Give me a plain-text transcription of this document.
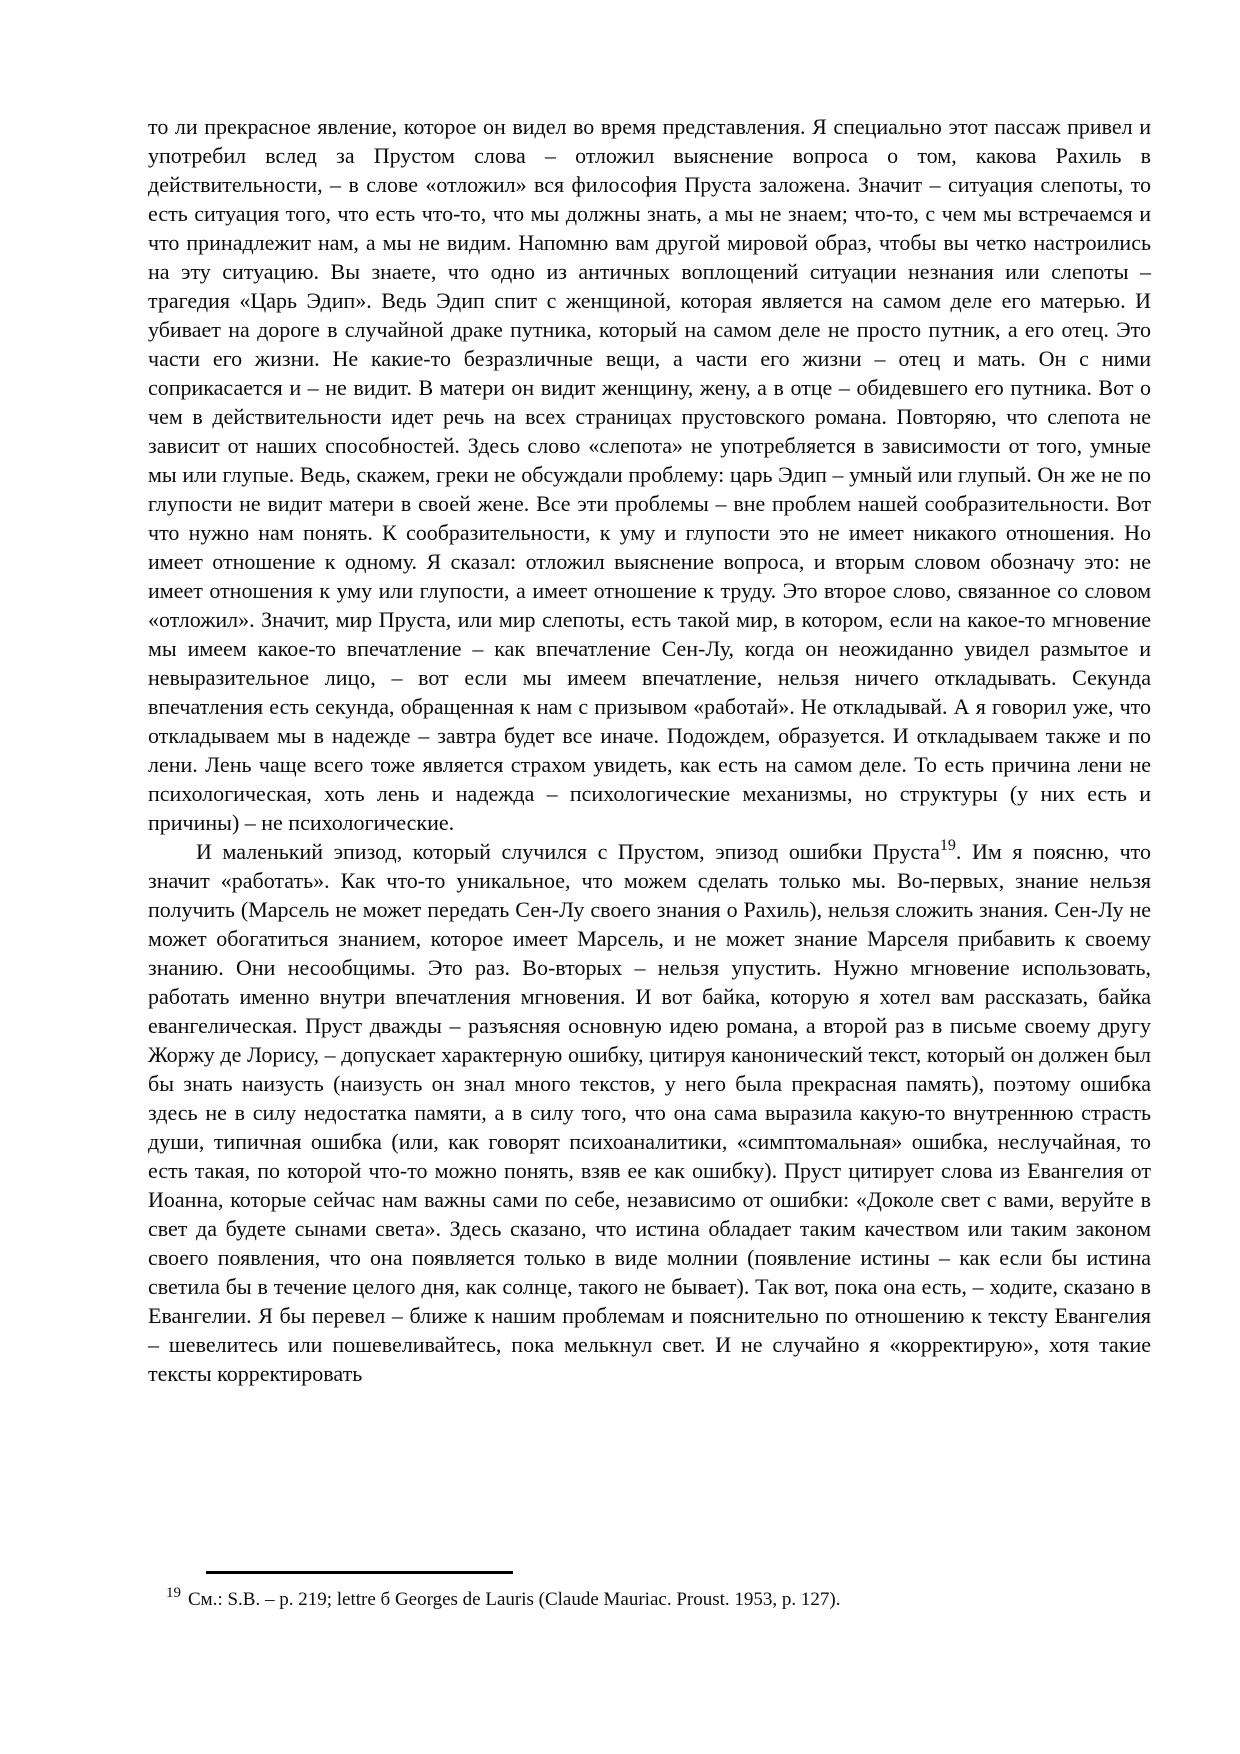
то ли прекрасное явление, которое он видел во время представления. Я специально этот пассаж привел и употребил вслед за Прустом слова – отложил выяснение вопроса о том, какова Рахиль в действительности, – в слове «отложил» вся философия Пруста заложена. Значит – ситуация слепоты, то есть ситуация того, что есть что-то, что мы должны знать, а мы не знаем; что-то, с чем мы встречаемся и что принадлежит нам, а мы не видим. Напомню вам другой мировой образ, чтобы вы четко настроились на эту ситуацию. Вы знаете, что одно из античных воплощений ситуации незнания или слепоты – трагедия «Царь Эдип». Ведь Эдип спит с женщиной, которая является на самом деле его матерью. И убивает на дороге в случайной драке путника, который на самом деле не просто путник, а его отец. Это части его жизни. Не какие-то безразличные вещи, а части его жизни – отец и мать. Он с ними соприкасается и – не видит. В матери он видит женщину, жену, а в отце – обидевшего его путника. Вот о чем в действительности идет речь на всех страницах прустовского романа. Повторяю, что слепота не зависит от наших способностей. Здесь слово «слепота» не употребляется в зависимости от того, умные мы или глупые. Ведь, скажем, греки не обсуждали проблему: царь Эдип – умный или глупый. Он же не по глупости не видит матери в своей жене. Все эти проблемы – вне проблем нашей сообразительности. Вот что нужно нам понять. К сообразительности, к уму и глупости это не имеет никакого отношения. Но имеет отношение к одному. Я сказал: отложил выяснение вопроса, и вторым словом обозначу это: не имеет отношения к уму или глупости, а имеет отношение к труду. Это второе слово, связанное со словом «отложил». Значит, мир Пруста, или мир слепоты, есть такой мир, в котором, если на какое-то мгновение мы имеем какое-то впечатление – как впечатление Сен-Лу, когда он неожиданно увидел размытое и невыразительное лицо, – вот если мы имеем впечатление, нельзя ничего откладывать. Секунда впечатления есть секунда, обращенная к нам с призывом «работай». Не откладывай. А я говорил уже, что откладываем мы в надежде – завтра будет все иначе. Подождем, образуется. И откладываем также и по лени. Лень чаще всего тоже является страхом увидеть, как есть на самом деле. То есть причина лени не психологическая, хоть лень и надежда – психологические механизмы, но структуры (у них есть и причины) – не психологические.

И маленький эпизод, который случился с Прустом, эпизод ошибки Пруста$^{19}$. Им я поясню, что значит «работать». Как что-то уникальное, что можем сделать только мы. Во-первых, знание нельзя получить (Марсель не может передать Сен-Лу своего знания о Рахиль), нельзя сложить знания. Сен-Лу не может обогатиться знанием, которое имеет Марсель, и не может знание Марселя прибавить к своему знанию. Они несообщимы. Это раз. Во-вторых – нельзя упустить. Нужно мгновение использовать, работать именно внутри впечатления мгновения. И вот байка, которую я хотел вам рассказать, байка евангелическая. Пруст дважды – разъясняя основную идею романа, а второй раз в письме своему другу Жоржу де Лорису, – допускает характерную ошибку, цитируя канонический текст, который он должен был бы знать наизусть (наизусть он знал много текстов, у него была прекрасная память), поэтому ошибка здесь не в силу недостатка памяти, а в силу того, что она сама выразила какую-то внутреннюю страсть души, типичная ошибка (или, как говорят психоаналитики, «симптомальная» ошибка, неслучайная, то есть такая, по которой что-то можно понять, взяв ее как ошибку). Пруст цитирует слова из Евангелия от Иоанна, которые сейчас нам важны сами по себе, независимо от ошибки: «Доколе свет с вами, веруйте в свет да будете сынами света». Здесь сказано, что истина обладает таким качеством или таким законом своего появления, что она появляется только в виде молнии (появление истины – как если бы истина светила бы в течение целого дня, как солнце, такого не бывает). Так вот, пока она есть, – ходите, сказано в Евангелии. Я бы перевел – ближе к нашим проблемам и пояснительно по отношению к тексту Евангелия – шевелитесь или пошевеливайтесь, пока мелькнул свет. И не случайно я «корректирую», хотя такие тексты корректировать

$^{19}$ См.: S.B. – p. 219; lettre б Georges de Lauris (Claude Mauriac. Proust. 1953, p. 127).
